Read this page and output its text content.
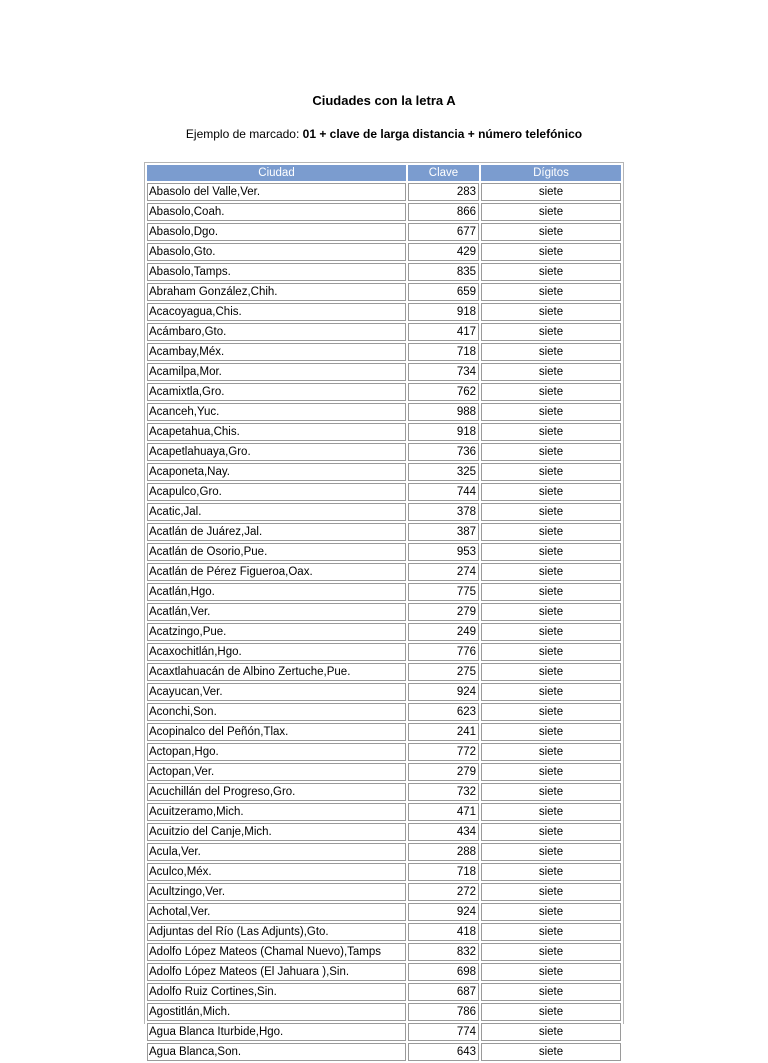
Ciudades con la letra A
Ejemplo de marcado: 01 + clave de larga distancia + número telefónico
Ciudad	Clave	Dígitos
Abasolo del Valle,Ver.	283	siete
Abasolo,Coah.	866	siete
Abasolo,Dgo.	677	siete
Abasolo,Gto.	429	siete
Abasolo,Tamps.	835	siete
Abraham González,Chih.	659	siete
Acacoyagua,Chis.	918	siete
Acámbaro,Gto.	417	siete
Acambay,Méx.	718	siete
Acamilpa,Mor.	734	siete
Acamixtla,Gro.	762	siete
Acanceh,Yuc.	988	siete
Acapetahua,Chis.	918	siete
Acapetlahuaya,Gro.	736	siete
Acaponeta,Nay.	325	siete
Acapulco,Gro.	744	siete
Acatic,Jal.	378	siete
Acatlán de Juárez,Jal.	387	siete
Acatlán de Osorio,Pue.	953	siete
Acatlán de Pérez Figueroa,Oax.	274	siete
Acatlán,Hgo.	775	siete
Acatlán,Ver.	279	siete
Acatzingo,Pue.	249	siete
Acaxochitlán,Hgo.	776	siete
Acaxtlahuacán de Albino Zertuche,Pue.	275	siete
Acayucan,Ver.	924	siete
Aconchi,Son.	623	siete
Acopinalco del Peñón,Tlax.	241	siete
Actopan,Hgo.	772	siete
Actopan,Ver.	279	siete
Acuchillán del Progreso,Gro.	732	siete
Acuitzeramo,Mich.	471	siete
Acuitzio del Canje,Mich.	434	siete
Acula,Ver.	288	siete
Aculco,Méx.	718	siete
Acultzingo,Ver.	272	siete
Achotal,Ver.	924	siete
Adjuntas del Río (Las Adjunts),Gto.	418	siete
Adolfo López Mateos (Chamal Nuevo),Tamps	832	siete
Adolfo López Mateos (El Jahuara ),Sin.	698	siete
Adolfo Ruiz Cortines,Sin.	687	siete
Agostitlán,Mich.	786	siete
Agua Blanca Iturbide,Hgo.	774	siete
Agua Blanca,Son.	643	siete
